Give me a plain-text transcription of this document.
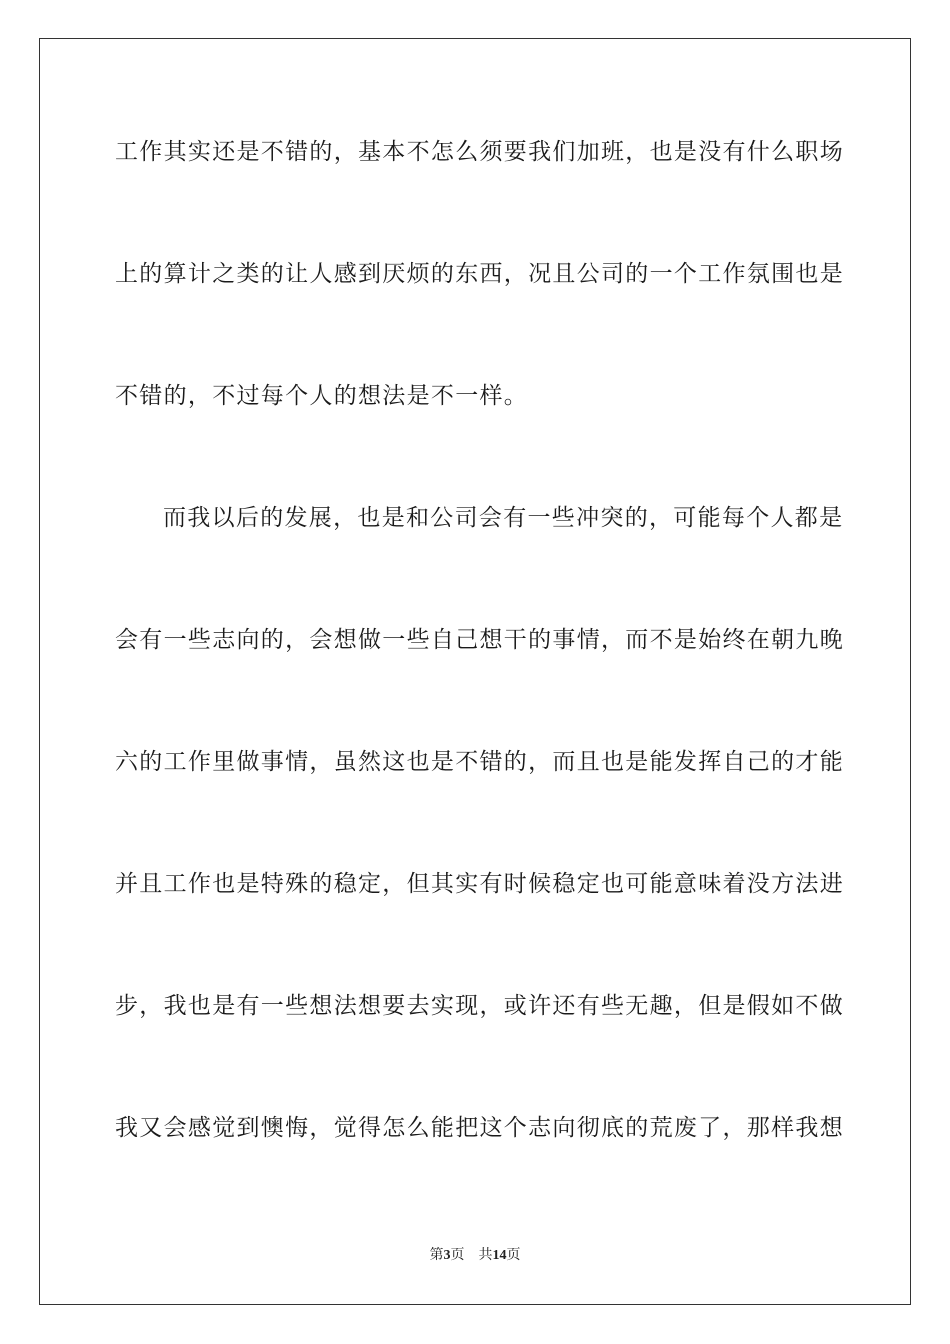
工作其实还是不错的，基本不怎么须要我们加班，也是没有什么职场
上的算计之类的让人感到厌烦的东西，况且公司的一个工作氛围也是
不错的，不过每个人的想法是不一样。
而我以后的发展，也是和公司会有一些冲突的，可能每个人都是
会有一些志向的，会想做一些自己想干的事情，而不是始终在朝九晚
六的工作里做事情，虽然这也是不错的，而且也是能发挥自己的才能
并且工作也是特殊的稳定，但其实有时候稳定也可能意味着没方法进
步，我也是有一些想法想要去实现，或许还有些无趣，但是假如不做
我又会感觉到懊悔，觉得怎么能把这个志向彻底的荒废了，那样我想
第3页 共14页
